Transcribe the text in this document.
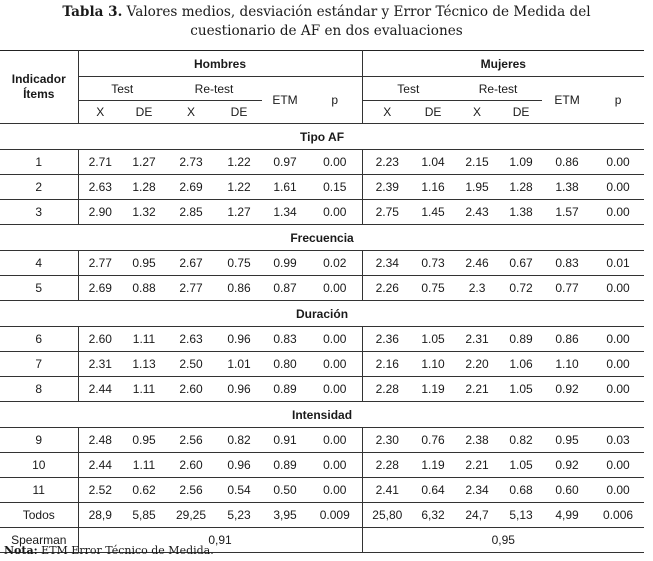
Tabla 3. Valores medios, desviación estándar y Error Técnico de Medida del
cuestionario de AF en dos evaluaciones
Indicador
Ítems	Hombres						Mujeres					
	Test		Re-test		ETM	p	Test		Re-test		ETM	p
	X	DE	X	DE			X	DE	X	DE		
Tipo AF												
1	2.71	1.27	2.73	1.22	0.97	0.00	2.23	1.04	2.15	1.09	0.86	0.00
2	2.63	1.28	2.69	1.22	1.61	0.15	2.39	1.16	1.95	1.28	1.38	0.00
3	2.90	1.32	2.85	1.27	1.34	0.00	2.75	1.45	2.43	1.38	1.57	0.00
Frecuencia												
4	2.77	0.95	2.67	0.75	0.99	0.02	2.34	0.73	2.46	0.67	0.83	0.01
5	2.69	0.88	2.77	0.86	0.87	0.00	2.26	0.75	2.3	0.72	0.77	0.00
Duración												
6	2.60	1.11	2.63	0.96	0.83	0.00	2.36	1.05	2.31	0.89	0.86	0.00
7	2.31	1.13	2.50	1.01	0.80	0.00	2.16	1.10	2.20	1.06	1.10	0.00
8	2.44	1.11	2.60	0.96	0.89	0.00	2.28	1.19	2.21	1.05	0.92	0.00
Intensidad												
9	2.48	0.95	2.56	0.82	0.91	0.00	2.30	0.76	2.38	0.82	0.95	0.03
10	2.44	1.11	2.60	0.96	0.89	0.00	2.28	1.19	2.21	1.05	0.92	0.00
11	2.52	0.62	2.56	0.54	0.50	0.00	2.41	0.64	2.34	0.68	0.60	0.00
Todos	28,9	5,85	29,25	5,23	3,95	0.009	25,80	6,32	24,7	5,13	4,99	0.006
Spearman	0,91						0,95					
Nota: ETM Error Técnico de Medida.
